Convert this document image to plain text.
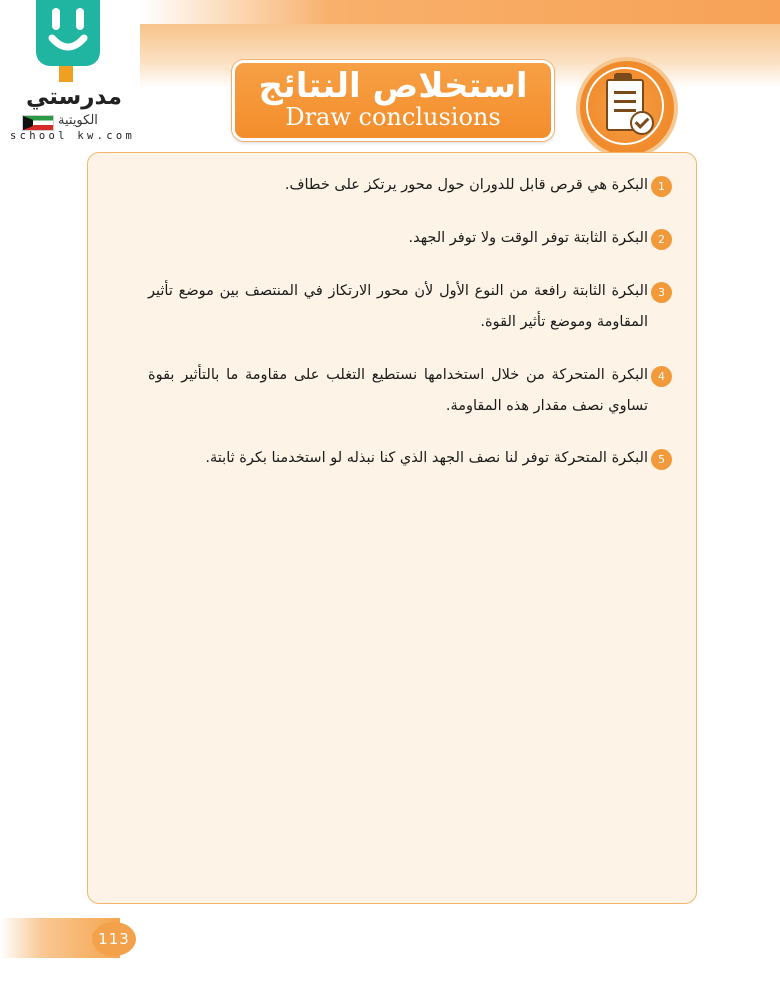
مدرستي
الكويتية
school kw.com
استخلاص النتائج
Draw conclusions
1
البكرة هي قرص قابل للدوران حول محور يرتكز على خطاف.
2
البكرة الثابتة توفر الوقت ولا توفر الجهد.
3
البكرة الثابتة رافعة من النوع الأول لأن محور الارتكاز في المنتصف بين موضع تأثير المقاومة وموضع تأثير القوة.
4
البكرة المتحركة من خلال استخدامها نستطيع التغلب على مقاومة ما بالتأثير بقوة تساوي نصف مقدار هذه المقاومة.
5
البكرة المتحركة توفر لنا نصف الجهد الذي كنا نبذله لو استخدمنا بكرة ثابتة.
113
